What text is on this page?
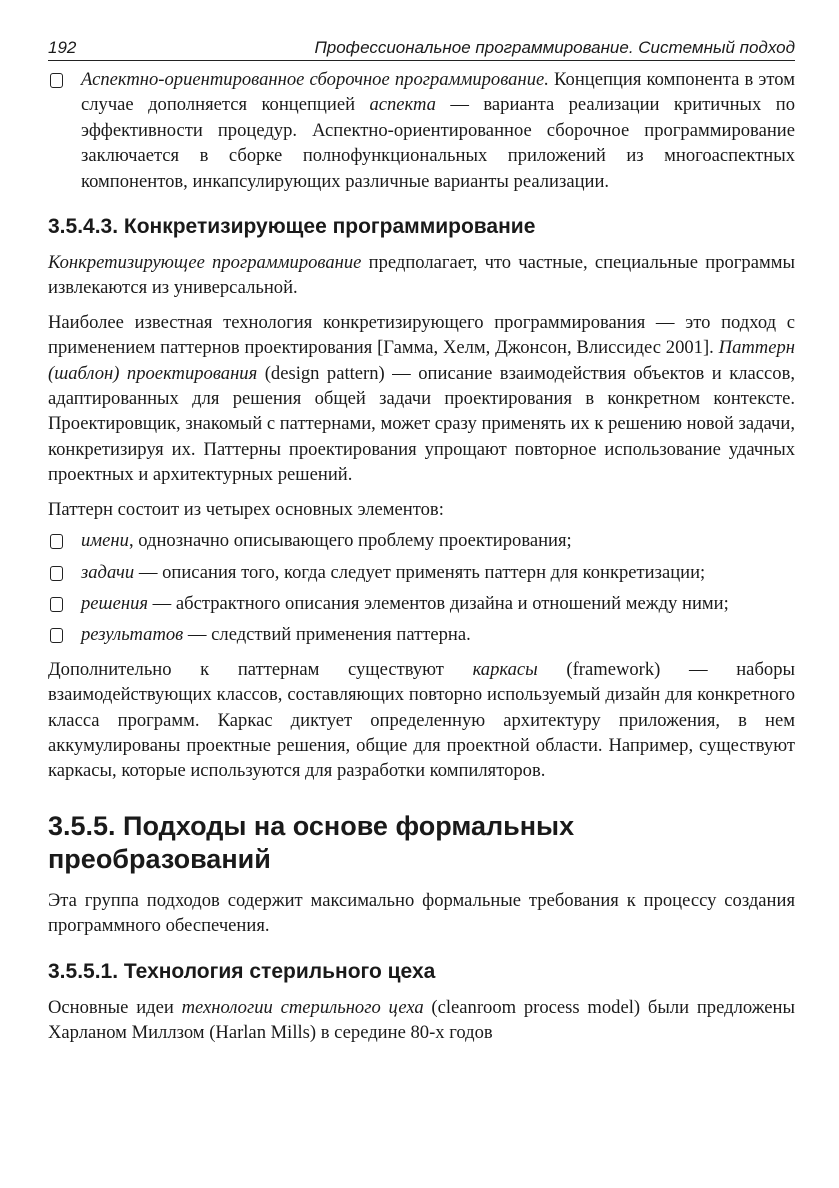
192	Профессиональное программирование. Системный подход
Аспектно-ориентированное сборочное программирование. Концепция компонента в этом случае дополняется концепцией аспекта — варианта реализации критичных по эффективности процедур. Аспектно-ориентированное сборочное программирование заключается в сборке полнофункциональных приложений из многоаспектных компонентов, инкапсулирующих различные варианты реализации.
3.5.4.3. Конкретизирующее программирование

Конкретизирующее программирование предполагает, что частные, специальные программы извлекаются из универсальной.

Наиболее известная технология конкретизирующего программирования — это подход с применением паттернов проектирования [Гамма, Хелм, Джонсон, Влиссидес 2001]. Паттерн (шаблон) проектирования (design pattern) — описание взаимодействия объектов и классов, адаптированных для решения общей задачи проектирования в конкретном контексте. Проектировщик, знакомый с паттернами, может сразу применять их к решению новой задачи, конкретизируя их. Паттерны проектирования упрощают повторное использование удачных проектных и архитектурных решений.

Паттерн состоит из четырех основных элементов:

имени, однозначно описывающего проблему проектирования;
задачи — описания того, когда следует применять паттерн для конкретизации;
решения — абстрактного описания элементов дизайна и отношений между ними;
результатов — следствий применения паттерна.

Дополнительно к паттернам существуют каркасы (framework) — наборы взаимодействующих классов, составляющих повторно используемый дизайн для конкретного класса программ. Каркас диктует определенную архитектуру приложения, в нем аккумулированы проектные решения, общие для проектной области. Например, существуют каркасы, которые используются для разработки компиляторов.

3.5.5. Подходы на основе формальных преобразований

Эта группа подходов содержит максимально формальные требования к процессу создания программного обеспечения.

3.5.5.1. Технология стерильного цеха

Основные идеи технологии стерильного цеха (cleanroom process model) были предложены Харланом Миллзом (Harlan Mills) в середине 80-х годов
